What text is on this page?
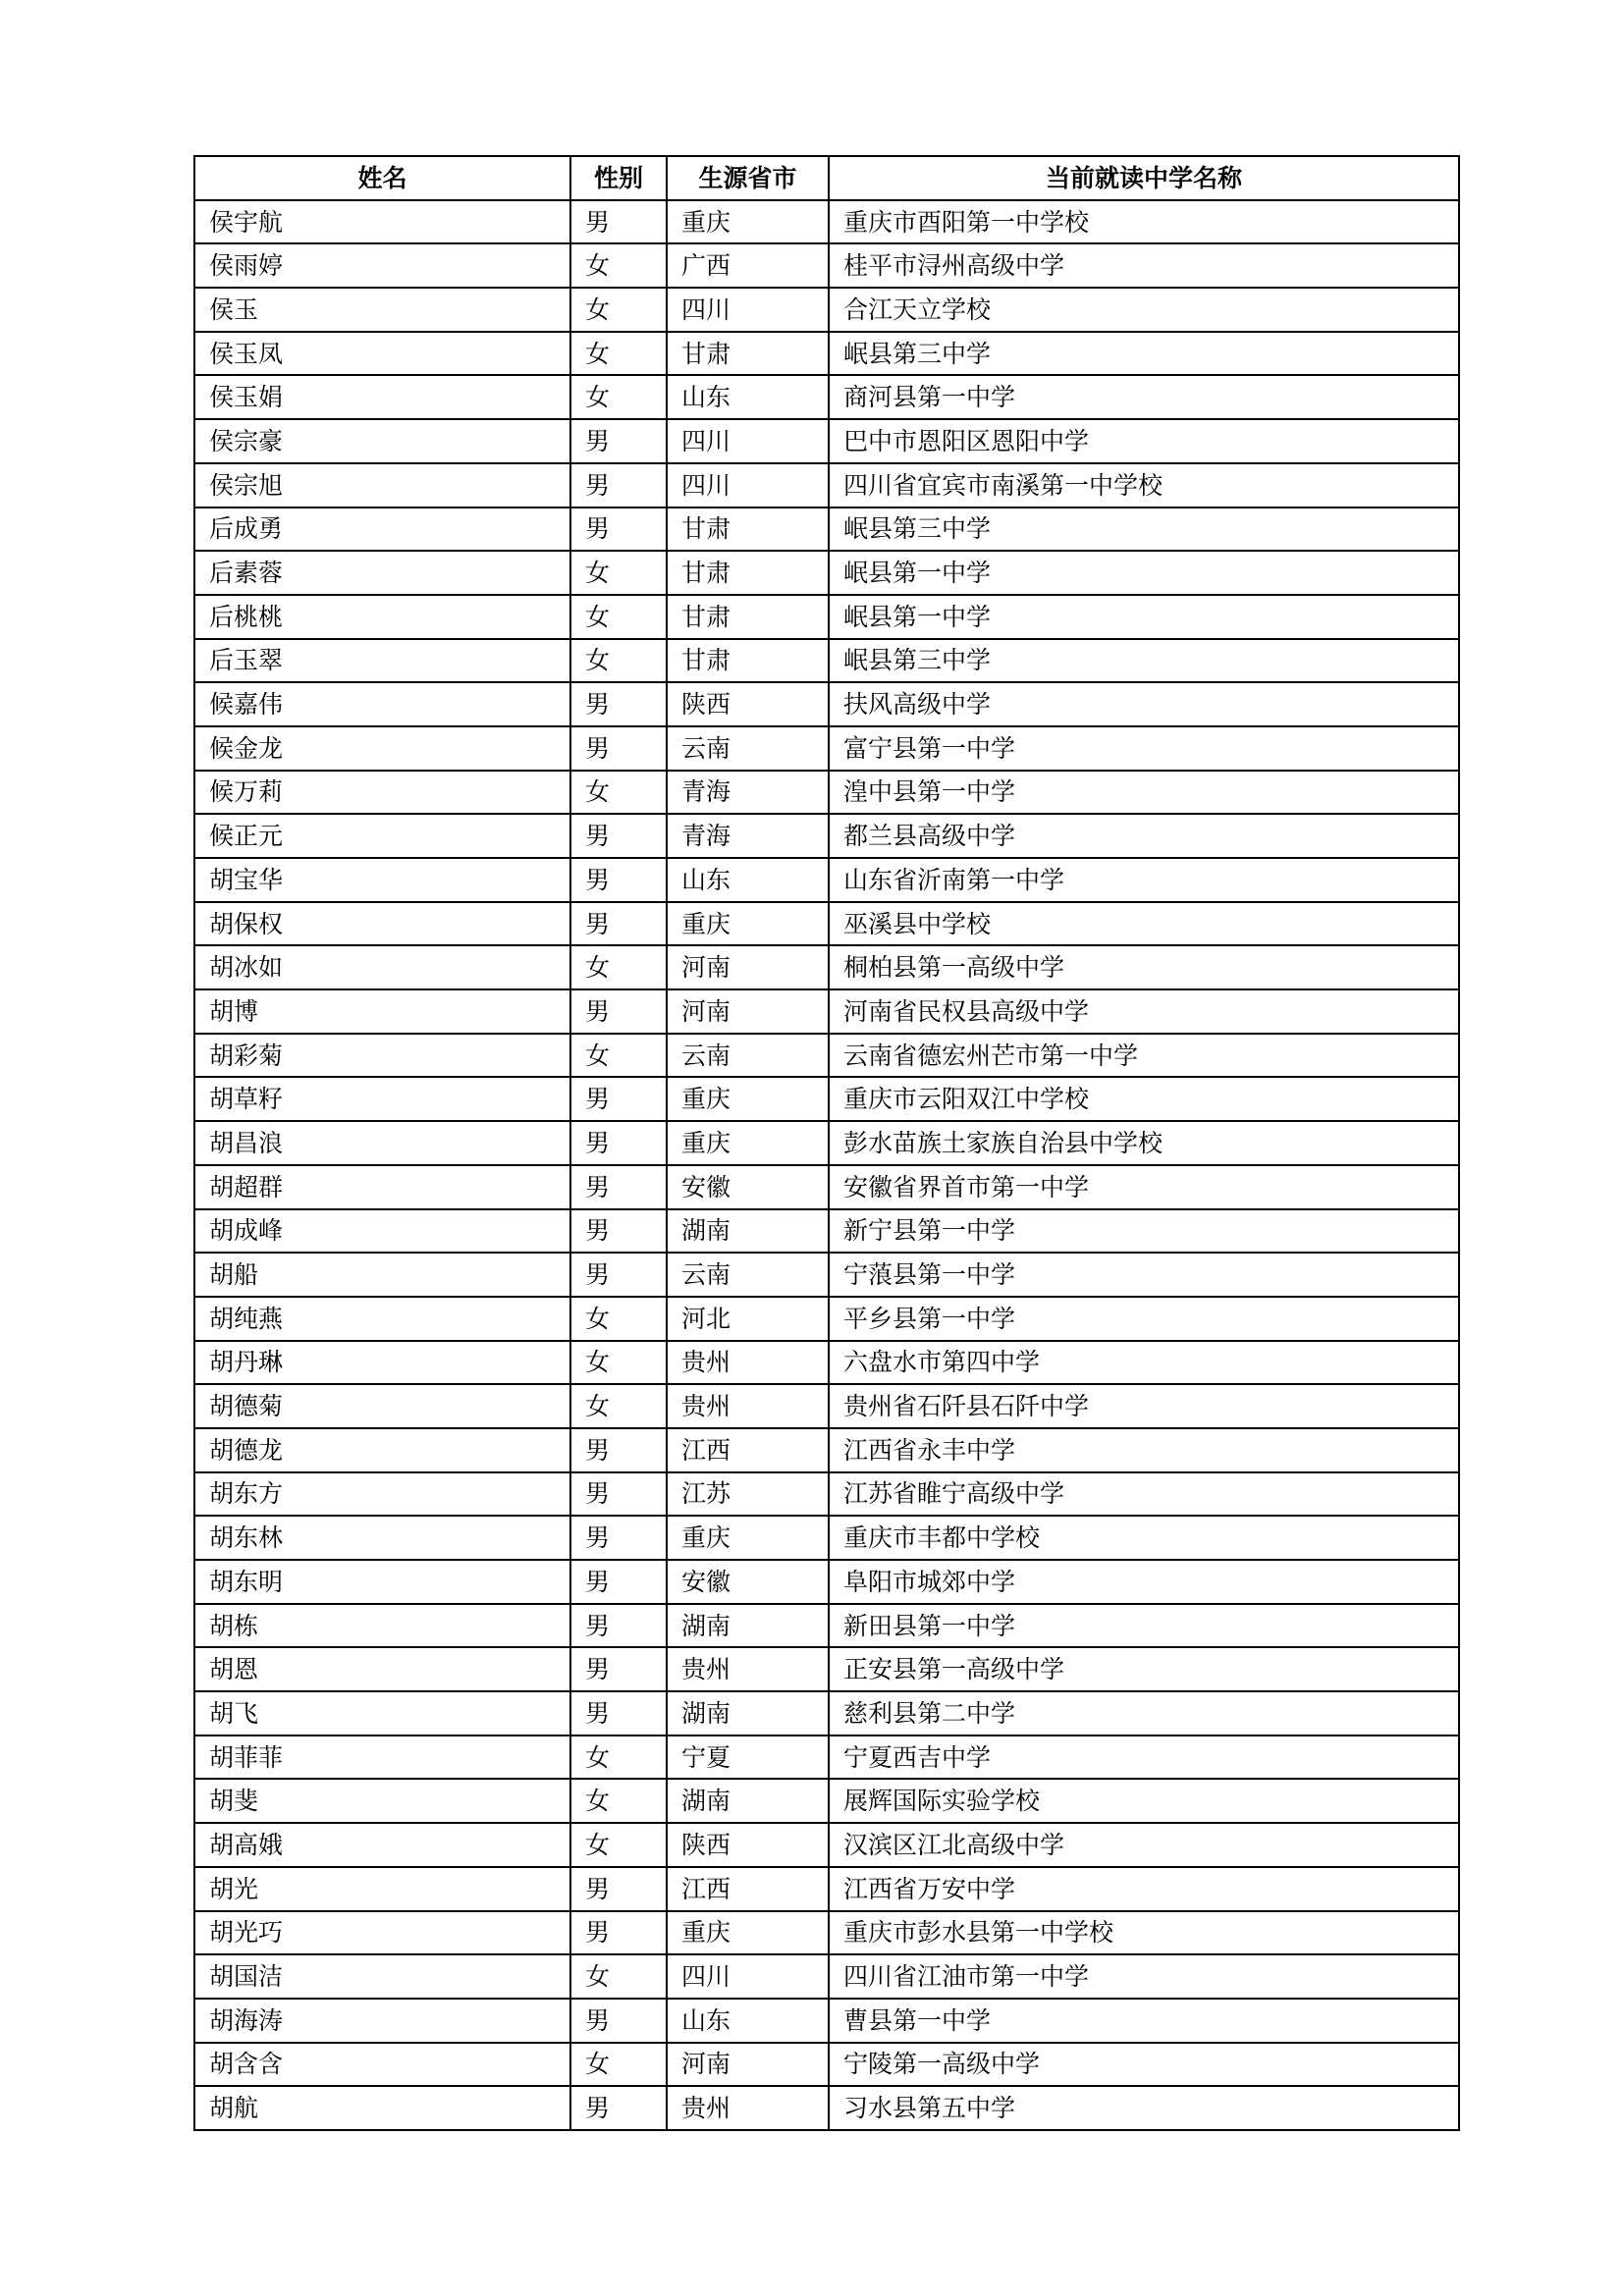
姓名	性别	生源省市	当前就读中学名称
侯宇航	男	重庆	重庆市酉阳第一中学校
侯雨婷	女	广西	桂平市浔州高级中学
侯玉	女	四川	合江天立学校
侯玉凤	女	甘肃	岷县第三中学
侯玉娟	女	山东	商河县第一中学
侯宗豪	男	四川	巴中市恩阳区恩阳中学
侯宗旭	男	四川	四川省宜宾市南溪第一中学校
后成勇	男	甘肃	岷县第三中学
后素蓉	女	甘肃	岷县第一中学
后桃桃	女	甘肃	岷县第一中学
后玉翠	女	甘肃	岷县第三中学
候嘉伟	男	陕西	扶风高级中学
候金龙	男	云南	富宁县第一中学
候万莉	女	青海	湟中县第一中学
候正元	男	青海	都兰县高级中学
胡宝华	男	山东	山东省沂南第一中学
胡保权	男	重庆	巫溪县中学校
胡冰如	女	河南	桐柏县第一高级中学
胡博	男	河南	河南省民权县高级中学
胡彩菊	女	云南	云南省德宏州芒市第一中学
胡草籽	男	重庆	重庆市云阳双江中学校
胡昌浪	男	重庆	彭水苗族土家族自治县中学校
胡超群	男	安徽	安徽省界首市第一中学
胡成峰	男	湖南	新宁县第一中学
胡船	男	云南	宁蒗县第一中学
胡纯燕	女	河北	平乡县第一中学
胡丹琳	女	贵州	六盘水市第四中学
胡德菊	女	贵州	贵州省石阡县石阡中学
胡德龙	男	江西	江西省永丰中学
胡东方	男	江苏	江苏省睢宁高级中学
胡东林	男	重庆	重庆市丰都中学校
胡东明	男	安徽	阜阳市城郊中学
胡栋	男	湖南	新田县第一中学
胡恩	男	贵州	正安县第一高级中学
胡飞	男	湖南	慈利县第二中学
胡菲菲	女	宁夏	宁夏西吉中学
胡斐	女	湖南	展辉国际实验学校
胡高娥	女	陕西	汉滨区江北高级中学
胡光	男	江西	江西省万安中学
胡光巧	男	重庆	重庆市彭水县第一中学校
胡国洁	女	四川	四川省江油市第一中学
胡海涛	男	山东	曹县第一中学
胡含含	女	河南	宁陵第一高级中学
胡航	男	贵州	习水县第五中学
